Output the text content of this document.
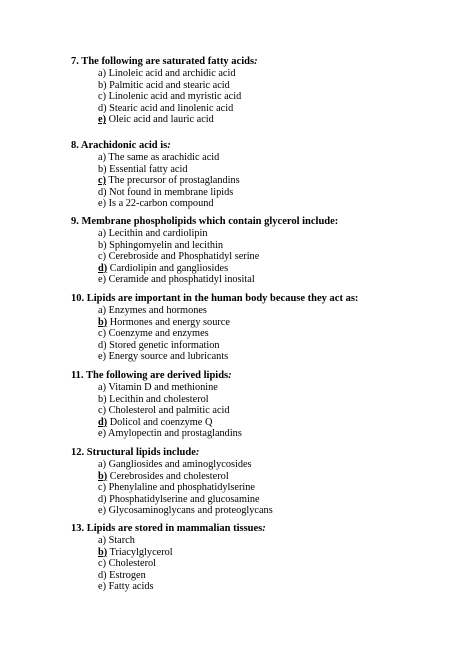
7. The following are saturated fatty acids:
a) Linoleic acid and archidic acid
b) Palmitic acid and stearic acid
c) Linolenic acid and myristic acid
d) Stearic acid and linolenic acid
e) Oleic acid and lauric acid
8. Arachidonic acid is:
a) The same as arachidic acid
b) Essential fatty acid
c) The precursor of prostaglandins
d) Not found in membrane lipids
e) Is a 22-carbon compound
9. Membrane phospholipids which contain glycerol include:
a) Lecithin and cardiolipin
b) Sphingomyelin and lecithin
c) Cerebroside and Phosphatidyl serine
d) Cardiolipin and gangliosides
e) Ceramide and phosphatidyl inosital
10. Lipids are important in the human body because they act as:
a) Enzymes and hormones
b) Hormones and energy source
c) Coenzyme and enzymes
d) Stored genetic information
e) Energy source and lubricants
11. The following are derived lipids:
a) Vitamin D and methionine
b) Lecithin and cholesterol
c) Cholesterol and palmitic acid
d) Dolicol and coenzyme Q
e) Amylopectin and prostaglandins
12. Structural lipids include:
a) Gangliosides and aminoglycosides
b) Cerebrosides and cholesterol
c) Phenylaline and phosphatidylserine
d) Phosphatidylserine and glucosamine
e) Glycosaminoglycans and proteoglycans
13. Lipids are stored in mammalian tissues:
a) Starch
b) Triacylglycerol
c) Cholesterol
d) Estrogen
e) Fatty acids
